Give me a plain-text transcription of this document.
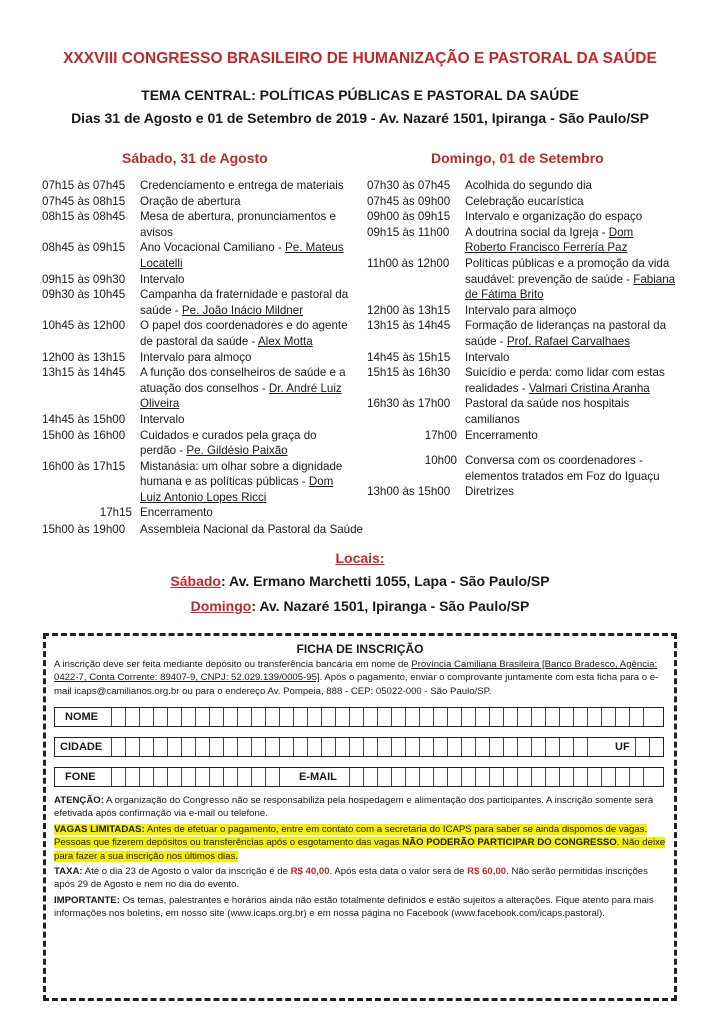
XXXVIII CONGRESSO BRASILEIRO DE HUMANIZAÇÃO E PASTORAL DA SAÚDE
TEMA CENTRAL: POLÍTICAS PÚBLICAS E PASTORAL DA SAÚDE
Dias 31 de Agosto e 01 de Setembro de 2019 - Av. Nazaré 1501, Ipiranga - São Paulo/SP
Sábado, 31 de Agosto	Domingo, 01 de Setembro
07h15 às 07h45	Credenciamento e entrega de materiais
07h45 às 08h15	Oração de abertura
08h15 às 08h45	Mesa de abertura, pronunciamentos e avisos
08h45 às 09h15	Ano Vocacional Camiliano - Pe. Mateus Locatelli
09h15 às 09h30	Intervalo
09h30 às 10h45	Campanha da fraternidade e pastoral da saúde - Pe. João Inácio Mildner
10h45 às 12h00	O papel dos coordenadores e do agente de pastoral da saúde - Alex Motta
12h00 às 13h15	Intervalo para almoço
13h15 às 14h45	A função dos conselheiros de saúde e a atuação dos conselhos - Dr. André Luiz Oliveira
14h45 às 15h00	Intervalo
15h00 às 16h00	Cuidados e curados pela graça do perdão - Pe. Gildésio Paixão
16h00 às 17h15	Mistanásia: um olhar sobre a dignidade humana e as políticas públicas - Dom Luiz Antonio Lopes Ricci
17h15 Encerramento
07h30 às 07h45	Acolhida do segundo dia
07h45 às 09h00	Celebração eucarística
09h00 às 09h15	Intervalo e organização do espaço
09h15 às 11h00	A doutrina social da Igreja - Dom Roberto Francisco Ferrería Paz
11h00 às 12h00	Políticas públicas e a promoção da vida saudável: prevenção de saúde - Fabiana de Fátima Brito
12h00 às 13h15	Intervalo para almoço
13h15 às 14h45	Formação de lideranças na pastoral da saúde - Prof. Rafael Carvalhaes
14h45 às 15h15	Intervalo
15h15 às 16h30	Suicídio e perda: como lidar com estas realidades - Valmari Cristina Aranha
16h30 às 17h00	Pastoral da saúde nos hospitais camilianos
17h00 Encerramento
10h00 Conversa com os coordenadores - elementos tratados em Foz do Iguaçu
13h00 às 15h00	Diretrizes
15h00 às 19h00	Assembleia Nacional da Pastoral da Saúde
Locais:
Sábado: Av. Ermano Marchetti 1055, Lapa - São Paulo/SP
Domingo: Av. Nazaré 1501, Ipiranga - São Paulo/SP
FICHA DE INSCRIÇÃO
A inscrição deve ser feita mediante depósito ou transferência bancária em nome de Província Camiliana Brasileira [Banco Bradesco, Agência: 0422-7, Conta Corrente: 89407-9, CNPJ: 52.029.139/0005-95]. Após o pagamento, enviar o comprovante juntamente com esta ficha para o e-mail icaps@camilianos.org.br ou para o endereço Av. Pompeia, 888 - CEP: 05022-000 - São Paulo/SP.
NOME
CIDADE	UF
FONE	E-MAIL
ATENÇÃO: A organização do Congresso não se responsabiliza pela hospedagem e alimentação dos participantes. A inscrição somente será efetivada após confirmação via e-mail ou telefone.
VAGAS LIMITADAS: Antes de efetuar o pagamento, entre em contato com a secretaria do ICAPS para saber se ainda dispomos de vagas. Pessoas que fizerem depósitos ou transferências após o esgotamento das vagas NÃO PODERÃO PARTICIPAR DO CONGRESSO. Não deixe para fazer a sua inscrição nos últimos dias.
TAXA: Até o dia 23 de Agosto o valor da inscrição é de R$ 40,00. Após esta data o valor será de R$ 60,00. Não serão permitidas inscrições após 29 de Agosto e nem no dia do evento.
IMPORTANTE: Os temas, palestrantes e horários ainda não estão totalmente definidos e estão sujeitos a alterações. Fique atento para mais informações nos boletins, em nosso site (www.icaps.org.br) e em nossa página no Facebook (www.facebook.com/icaps.pastoral).
